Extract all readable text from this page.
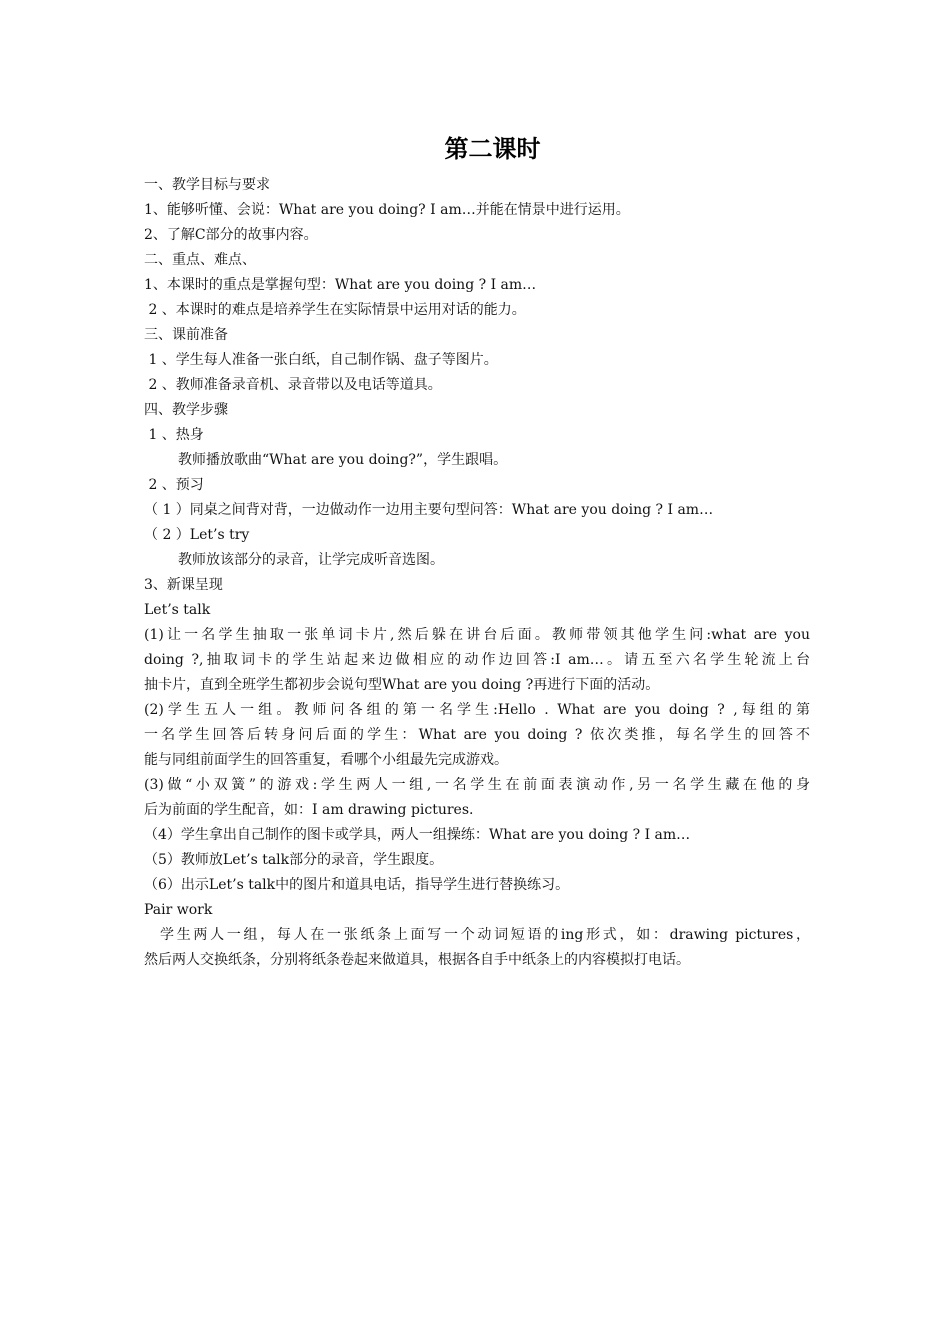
第二课时
一、教学目标与要求
1、能够听懂、会说：What are you doing? I am…并能在情景中进行运用。
2、了解C部分的故事内容。
二、重点、难点、
1、本课时的重点是掌握句型：What are you doing ? I am…
2 、本课时的难点是培养学生在实际情景中运用对话的能力。
三、课前准备
1 、学生每人准备一张白纸，自己制作锅、盘子等图片。
2 、教师准备录音机、录音带以及电话等道具。
四、教学步骤
1 、热身
教师播放歌曲“What are you doing?”，学生跟唱。
2 、预习
（ 1 ）同桌之间背对背，一边做动作一边用主要句型问答：What are you doing ? I am…
（ 2 ）Let’s try
教师放该部分的录音，让学完成听音选图。
3、新课呈现
Let’s talk
(1)让一名学生抽取一张单词卡片,然后躲在讲台后面。教师带领其他学生问:what are you
doing ?,抽取词卡的学生站起来边做相应的动作边回答:I am…。请五至六名学生轮流上台
抽卡片，直到全班学生都初步会说句型What are you doing ?再进行下面的活动。
(2)学生五人一组。教师问各组的第一名学生:Hello . What are you doing ? ,每组的第
一名学生回答后转身问后面的学生：What are you doing ? 依次类推，每名学生的回答不
能与同组前面学生的回答重复，看哪个小组最先完成游戏。
(3)做“小双簧”的游戏:学生两人一组,一名学生在前面表演动作,另一名学生藏在他的身
后为前面的学生配音，如：I am drawing pictures.
（4）学生拿出自己制作的图卡或学具，两人一组操练：What are you doing ? I am…
（5）教师放Let’s talk部分的录音，学生跟度。
（6）出示Let’s talk中的图片和道具电话，指导学生进行替换练习。
Pair work
学生两人一组，每人在一张纸条上面写一个动词短语的ing形式，如：drawing pictures，
然后两人交换纸条，分别将纸条卷起来做道具，根据各自手中纸条上的内容模拟打电话。
